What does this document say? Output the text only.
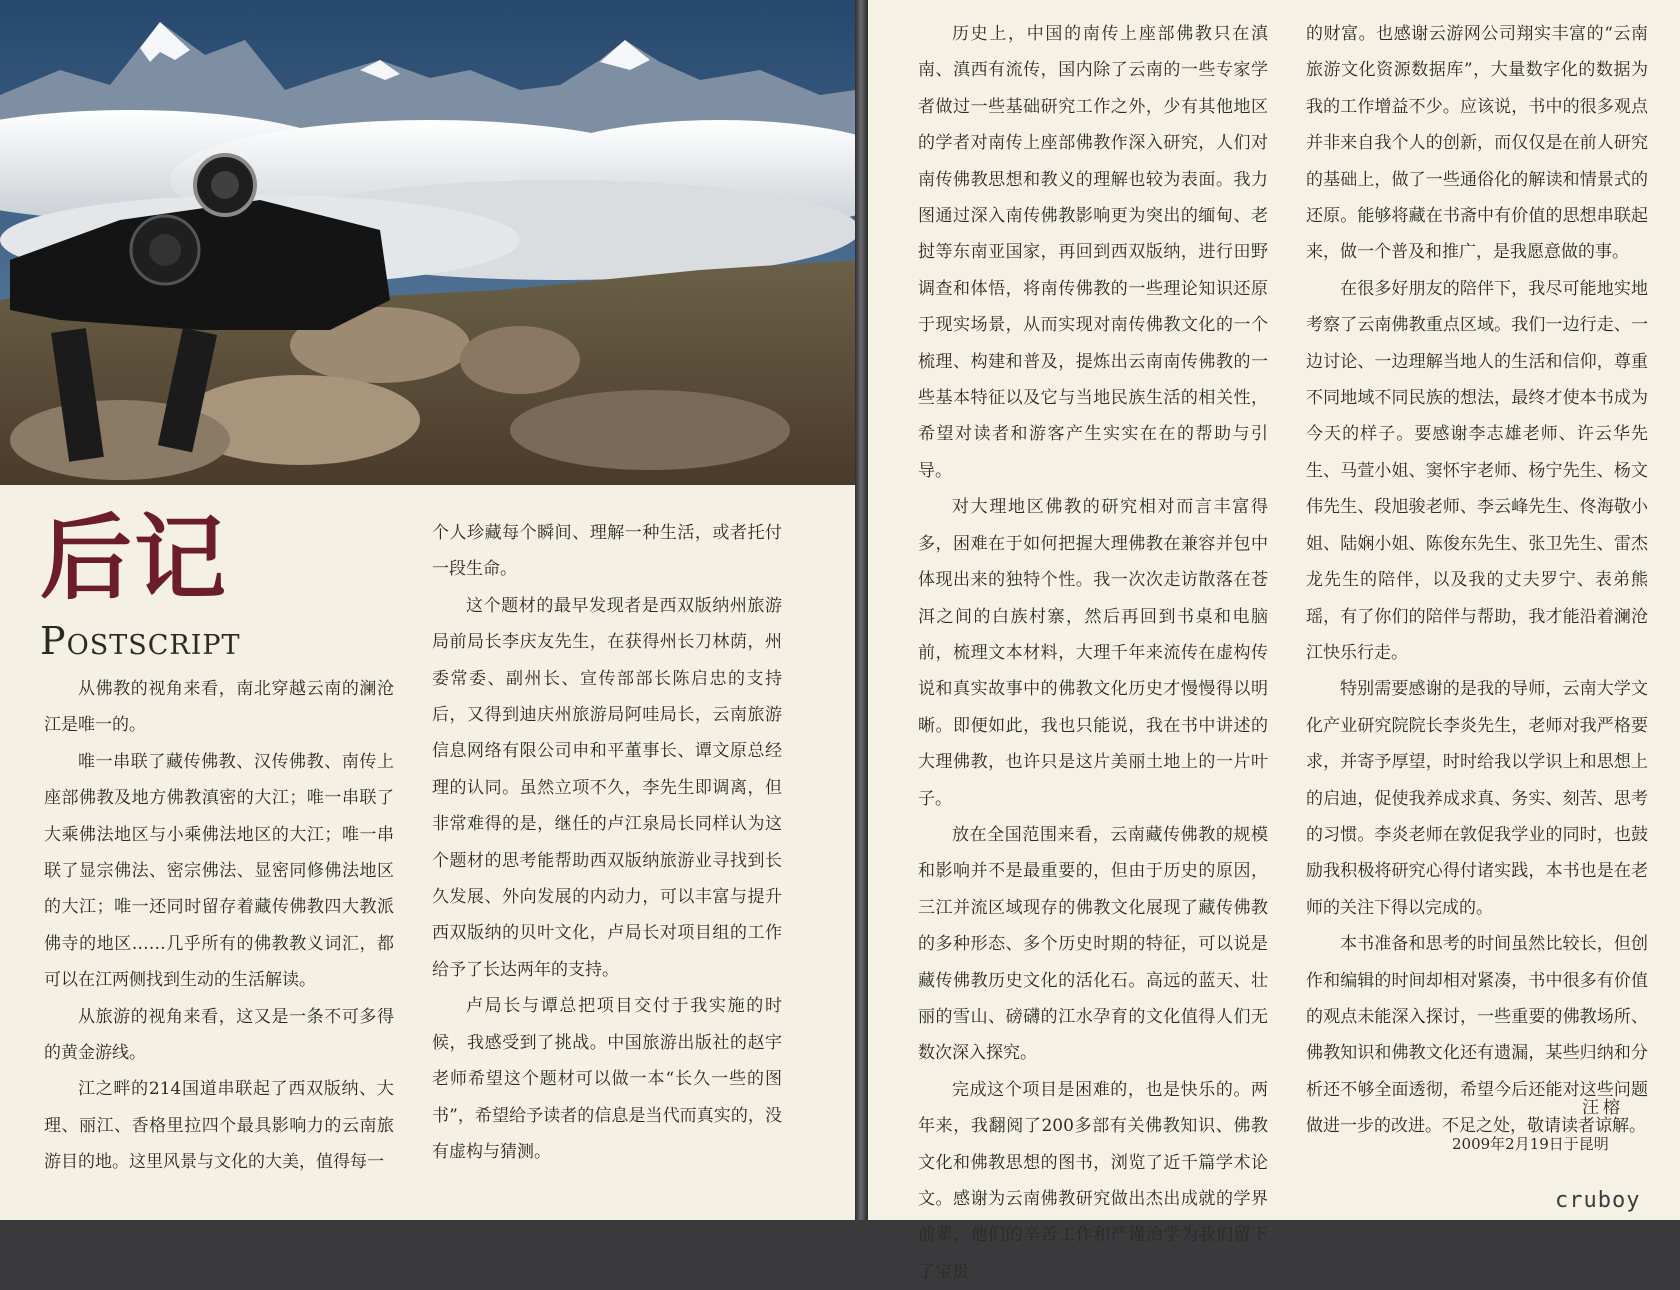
后记
Postscript

从佛教的视角来看，南北穿越云南的澜沧江是唯一的。

唯一串联了藏传佛教、汉传佛教、南传上座部佛教及地方佛教滇密的大江；唯一串联了大乘佛法地区与小乘佛法地区的大江；唯一串联了显宗佛法、密宗佛法、显密同修佛法地区的大江；唯一还同时留存着藏传佛教四大教派佛寺的地区……几乎所有的佛教教义词汇，都可以在江两侧找到生动的生活解读。

从旅游的视角来看，这又是一条不可多得的黄金游线。

江之畔的214国道串联起了西双版纳、大理、丽江、香格里拉四个最具影响力的云南旅游目的地。这里风景与文化的大美，值得每一

个人珍藏每个瞬间、理解一种生活，或者托付一段生命。

这个题材的最早发现者是西双版纳州旅游局前局长李庆友先生，在获得州长刀林荫，州委常委、副州长、宣传部部长陈启忠的支持后，又得到迪庆州旅游局阿哇局长，云南旅游信息网络有限公司申和平董事长、谭文原总经理的认同。虽然立项不久，李先生即调离，但非常难得的是，继任的卢江泉局长同样认为这个题材的思考能帮助西双版纳旅游业寻找到长久发展、外向发展的内动力，可以丰富与提升西双版纳的贝叶文化，卢局长对项目组的工作给予了长达两年的支持。

卢局长与谭总把项目交付于我实施的时候，我感受到了挑战。中国旅游出版社的赵宇老师希望这个题材可以做一本“长久一些的图书”，希望给予读者的信息是当代而真实的，没有虚构与猜测。

历史上，中国的南传上座部佛教只在滇南、滇西有流传，国内除了云南的一些专家学者做过一些基础研究工作之外，少有其他地区的学者对南传上座部佛教作深入研究，人们对南传佛教思想和教义的理解也较为表面。我力图通过深入南传佛教影响更为突出的缅甸、老挝等东南亚国家，再回到西双版纳，进行田野调查和体悟，将南传佛教的一些理论知识还原于现实场景，从而实现对南传佛教文化的一个梳理、构建和普及，提炼出云南南传佛教的一些基本特征以及它与当地民族生活的相关性，希望对读者和游客产生实实在在的帮助与引导。

对大理地区佛教的研究相对而言丰富得多，困难在于如何把握大理佛教在兼容并包中体现出来的独特个性。我一次次走访散落在苍洱之间的白族村寨，然后再回到书桌和电脑前，梳理文本材料，大理千年来流传在虚构传说和真实故事中的佛教文化历史才慢慢得以明晰。即便如此，我也只能说，我在书中讲述的大理佛教，也许只是这片美丽土地上的一片叶子。

放在全国范围来看，云南藏传佛教的规模和影响并不是最重要的，但由于历史的原因，三江并流区域现存的佛教文化展现了藏传佛教的多种形态、多个历史时期的特征，可以说是藏传佛教历史文化的活化石。高远的蓝天、壮丽的雪山、磅礴的江水孕育的文化值得人们无数次深入探究。

完成这个项目是困难的，也是快乐的。两年来，我翻阅了200多部有关佛教知识、佛教文化和佛教思想的图书，浏览了近千篇学术论文。感谢为云南佛教研究做出杰出成就的学界前辈，他们的辛苦工作和严谨治学为我们留下了宝贵

的财富。也感谢云游网公司翔实丰富的“云南旅游文化资源数据库”，大量数字化的数据为我的工作增益不少。应该说，书中的很多观点并非来自我个人的创新，而仅仅是在前人研究的基础上，做了一些通俗化的解读和情景式的还原。能够将藏在书斋中有价值的思想串联起来，做一个普及和推广，是我愿意做的事。

在很多好朋友的陪伴下，我尽可能地实地考察了云南佛教重点区域。我们一边行走、一边讨论、一边理解当地人的生活和信仰，尊重不同地域不同民族的想法，最终才使本书成为今天的样子。要感谢李志雄老师、许云华先生、马萱小姐、窦怀宇老师、杨宁先生、杨文伟先生、段旭骏老师、李云峰先生、佟海敬小姐、陆娴小姐、陈俊东先生、张卫先生、雷杰龙先生的陪伴，以及我的丈夫罗宁、表弟熊瑶，有了你们的陪伴与帮助，我才能沿着澜沧江快乐行走。

特别需要感谢的是我的导师，云南大学文化产业研究院院长李炎先生，老师对我严格要求，并寄予厚望，时时给我以学识上和思想上的启迪，促使我养成求真、务实、刻苦、思考的习惯。李炎老师在敦促我学业的同时，也鼓励我积极将研究心得付诸实践，本书也是在老师的关注下得以完成的。

本书准备和思考的时间虽然比较长，但创作和编辑的时间却相对紧凑，书中很多有价值的观点未能深入探讨，一些重要的佛教场所、佛教知识和佛教文化还有遗漏，某些归纳和分析还不够全面透彻，希望今后还能对这些问题做进一步的改进。不足之处，敬请读者谅解。

汪榕
2009年2月19日于昆明
cruboy
